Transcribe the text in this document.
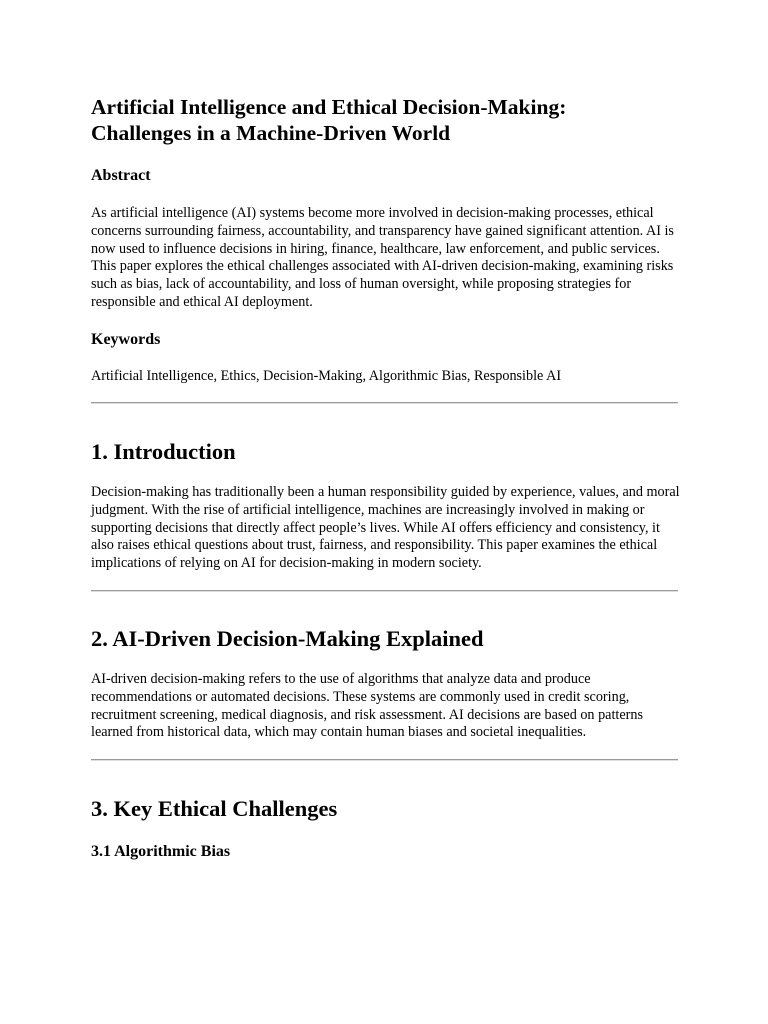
Artificial Intelligence and Ethical Decision-Making:
Challenges in a Machine-Driven World
Abstract

As artificial intelligence (AI) systems become more involved in decision-making processes, ethical concerns surrounding fairness, accountability, and transparency have gained significant attention. AI is now used to influence decisions in hiring, finance, healthcare, law enforcement, and public services. This paper explores the ethical challenges associated with AI-driven decision-making, examining risks such as bias, lack of accountability, and loss of human oversight, while proposing strategies for responsible and ethical AI deployment.

Keywords

Artificial Intelligence, Ethics, Decision-Making, Algorithmic Bias, Responsible AI

1. Introduction

Decision-making has traditionally been a human responsibility guided by experience, values, and moral judgment. With the rise of artificial intelligence, machines are increasingly involved in making or supporting decisions that directly affect people’s lives. While AI offers efficiency and consistency, it also raises ethical questions about trust, fairness, and responsibility. This paper examines the ethical implications of relying on AI for decision-making in modern society.

2. AI-Driven Decision-Making Explained

AI-driven decision-making refers to the use of algorithms that analyze data and produce recommendations or automated decisions. These systems are commonly used in credit scoring, recruitment screening, medical diagnosis, and risk assessment. AI decisions are based on patterns learned from historical data, which may contain human biases and societal inequalities.

3. Key Ethical Challenges
3.1 Algorithmic Bias
